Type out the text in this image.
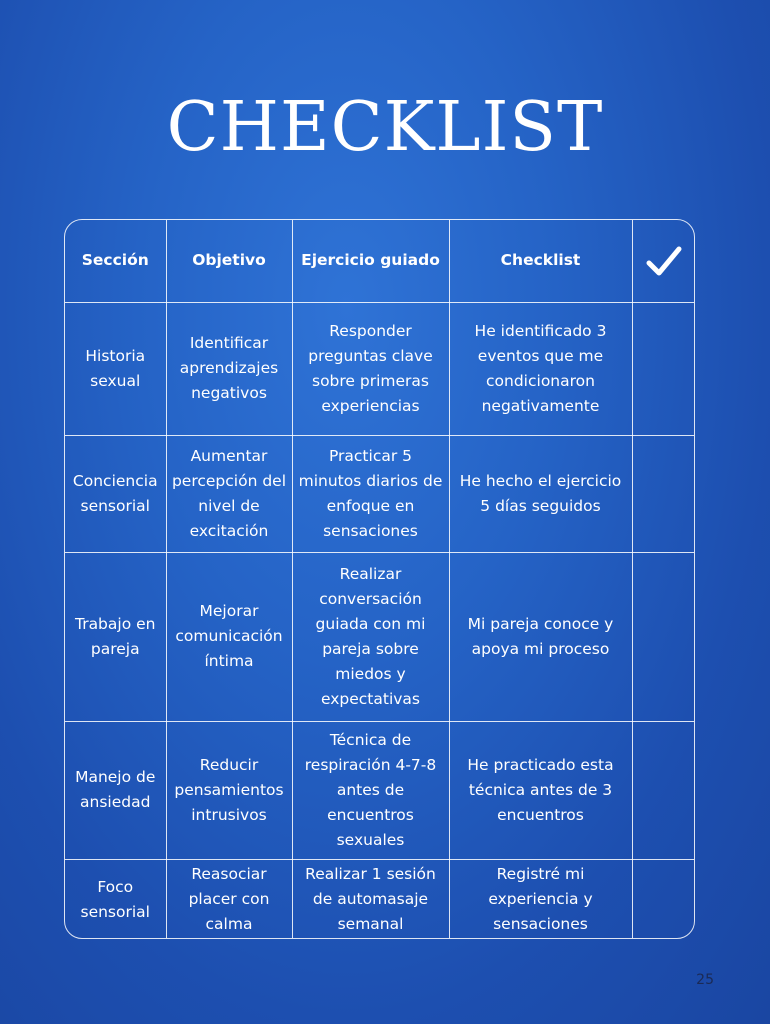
CHECKLIST
Sección	Objetivo	Ejercicio guiado	Checklist	

Historia sexual	Identificar aprendizajes negativos	Responder preguntas clave sobre primeras experiencias	He identificado 3 eventos que me condicionaron negativamente	
Conciencia sensorial	Aumentar percepción del nivel de excitación	Practicar 5 minutos diarios de enfoque en sensaciones	He hecho el ejercicio 5 días seguidos	
Trabajo en pareja	Mejorar comunicación íntima	Realizar conversación guiada con mi pareja sobre miedos y expectativas	Mi pareja conoce y apoya mi proceso	
Manejo de ansiedad	Reducir pensamientos intrusivos	Técnica de respiración 4-7-8 antes de encuentros sexuales	He practicado esta técnica antes de 3 encuentros	
Foco sensorial	Reasociar placer con calma	Realizar 1 sesión de automasaje semanal	Registré mi experiencia y sensaciones	
25
